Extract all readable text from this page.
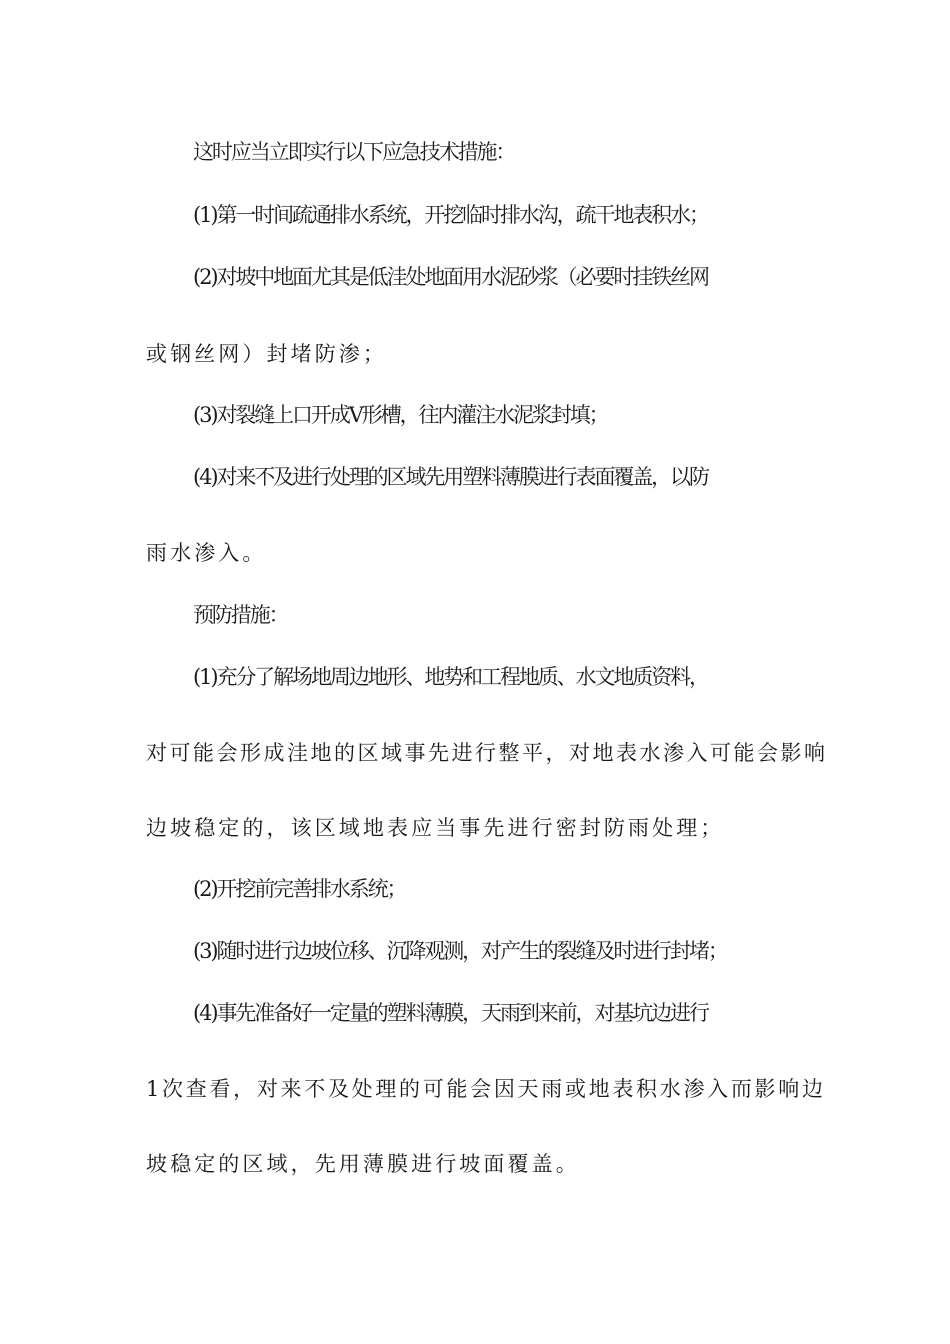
这时应当立即实行以下应急技术措施：
(1)第一时间疏通排水系统，开挖临时排水沟，疏干地表积水；
(2)对坡中地面尤其是低洼处地面用水泥砂浆（必要时挂铁丝网
或钢丝网）封堵防渗；
(3)对裂缝上口开成V形槽，往内灌注水泥浆封填；
(4)对来不及进行处理的区域先用塑料薄膜进行表面覆盖，以防
雨水渗入。
预防措施：
(1)充分了解场地周边地形、地势和工程地质、水文地质资料，
对可能会形成洼地的区域事先进行整平，对地表水渗入可能会影响
边坡稳定的，该区域地表应当事先进行密封防雨处理；
(2)开挖前完善排水系统；
(3)随时进行边坡位移、沉降观测，对产生的裂缝及时进行封堵；
(4)事先准备好一定量的塑料薄膜，天雨到来前，对基坑边进行
1次查看，对来不及处理的可能会因天雨或地表积水渗入而影响边
坡稳定的区域，先用薄膜进行坡面覆盖。
